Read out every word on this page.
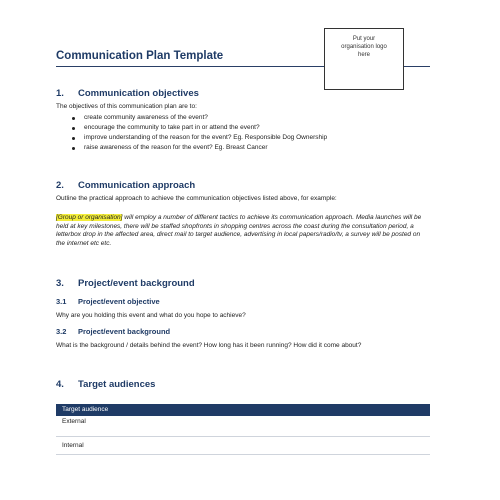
Communication Plan Template
Put your
organisation logo
here
1. Communication objectives
The objectives of this communication plan are to:
create community awareness of the event?
encourage the community to take part in or attend the event?
improve understanding of the reason for the event? Eg. Responsible Dog Ownership
raise awareness of the reason for the event? Eg. Breast Cancer
2. Communication approach
Outline the practical approach to achieve the communication objectives listed above, for example:
[Group or organisation] will employ a number of different tactics to achieve its communication approach. Media launches will be held at key milestones, there will be staffed shopfronts in shopping centres across the coast during the consultation period, a letterbox drop in the affected area, direct mail to target audience, advertising in local papers/radio/tv, a survey will be posted on the internet etc etc.
3. Project/event background
3.1 Project/event objective
Why are you holding this event and what do you hope to achieve?
3.2 Project/event background
What is the background / details behind the event? How long has it been running? How did it come about?
4. Target audiences
Target audience
External
Internal
